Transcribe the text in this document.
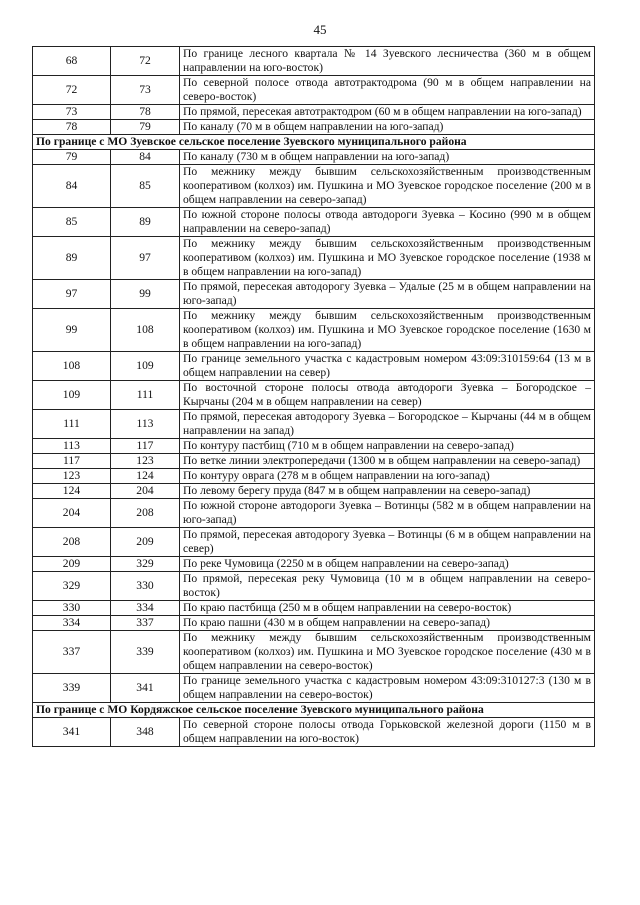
45
68	72	По границе лесного квартала № 14 Зуевского лесничества (360 м в общем направлении на юго-восток)
72	73	По северной полосе отвода автотрактодрома (90 м в общем направлении на северо-восток)
73	78	По прямой, пересекая автотрактодром (60 м в общем направлении на юго-запад)
78	79	По каналу (70 м в общем направлении на юго-запад)
По границе с МО Зуевское сельское поселение Зуевского муниципального района		
79	84	По каналу (730 м в общем направлении на юго-запад)
84	85	По межнику между бывшим сельскохозяйственным производственным кооперативом (колхоз) им. Пушкина и МО Зуевское городское поселение (200 м в общем направлении на северо-запад)
85	89	По южной стороне полосы отвода автодороги Зуевка – Косино (990 м в общем направлении на северо-запад)
89	97	По межнику между бывшим сельскохозяйственным производственным кооперативом (колхоз) им. Пушкина и МО Зуевское городское поселение (1938 м в общем направлении на юго-запад)
97	99	По прямой, пересекая автодорогу Зуевка – Удалые (25 м в общем направлении на юго-запад)
99	108	По межнику между бывшим сельскохозяйственным производственным кооперативом (колхоз) им. Пушкина и МО Зуевское городское поселение (1630 м в общем направлении на юго-запад)
108	109	По границе земельного участка с кадастровым номером 43:09:310159:64 (13 м в общем направлении на север)
109	111	По восточной стороне полосы отвода автодороги Зуевка – Богородское – Кырчаны (204 м в общем направлении на север)
111	113	По прямой, пересекая автодорогу Зуевка – Богородское – Кырчаны (44 м в общем направлении на запад)
113	117	По контуру пастбищ (710 м в общем направлении на северо-запад)
117	123	По ветке линии электропередачи (1300 м в общем направлении на северо-запад)
123	124	По контуру оврага (278 м в общем направлении на юго-запад)
124	204	По левому берегу пруда (847 м в общем направлении на северо-запад)
204	208	По южной стороне автодороги Зуевка – Вотинцы (582 м в общем направлении на юго-запад)
208	209	По прямой, пересекая автодорогу Зуевка – Вотинцы (6 м в общем направлении на север)
209	329	По реке Чумовица (2250 м в общем направлении на северо-запад)
329	330	По прямой, пересекая реку Чумовица (10 м в общем направлении на северо-восток)
330	334	По краю пастбища (250 м в общем направлении на северо-восток)
334	337	По краю пашни (430 м в общем направлении на северо-запад)
337	339	По межнику между бывшим сельскохозяйственным производственным кооперативом (колхоз) им. Пушкина и МО Зуевское городское поселение (430 м в общем направлении на северо-восток)
339	341	По границе земельного участка с кадастровым номером 43:09:310127:3 (130 м в общем направлении на северо-восток)
По границе с МО Кордяжское сельское поселение Зуевского муниципального района		
341	348	По северной стороне полосы отвода Горьковской железной дороги (1150 м в общем направлении на юго-восток)
